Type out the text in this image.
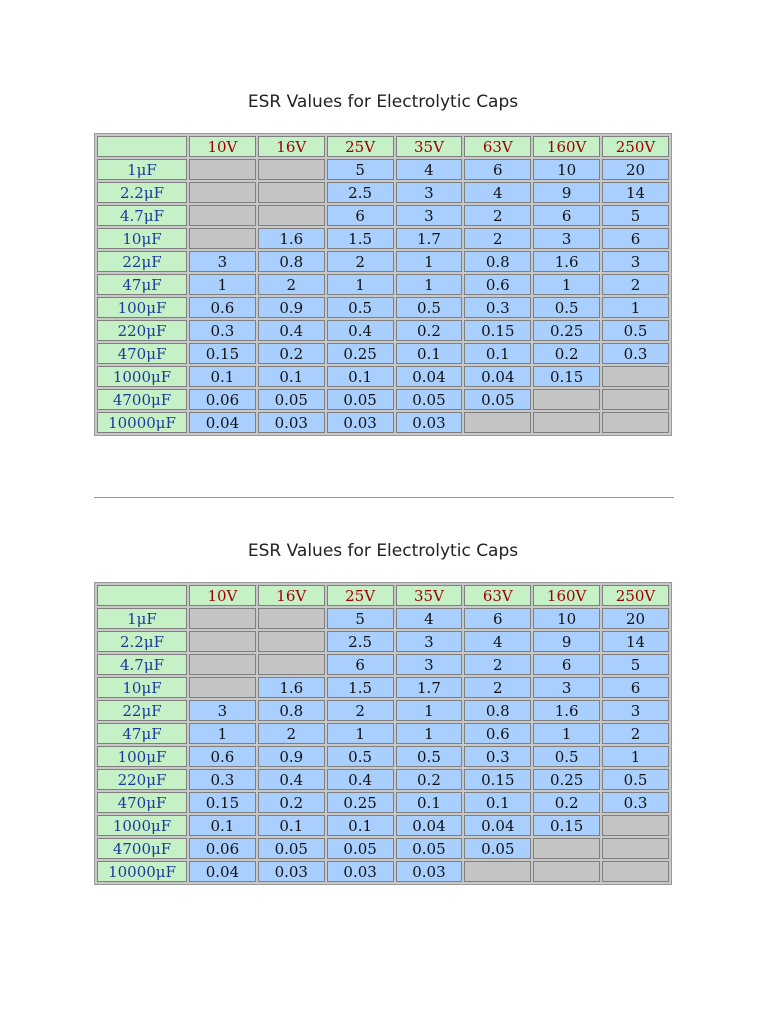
ESR Values for Electrolytic Caps
	10V	16V	25V	35V	63V	160V	250V
1μF			5	4	6	10	20
2.2μF			2.5	3	4	9	14
4.7μF			6	3	2	6	5
10μF		1.6	1.5	1.7	2	3	6
22μF	3	0.8	2	1	0.8	1.6	3
47μF	1	2	1	1	0.6	1	2
100μF	0.6	0.9	0.5	0.5	0.3	0.5	1
220μF	0.3	0.4	0.4	0.2	0.15	0.25	0.5
470μF	0.15	0.2	0.25	0.1	0.1	0.2	0.3
1000μF	0.1	0.1	0.1	0.04	0.04	0.15	
4700μF	0.06	0.05	0.05	0.05	0.05		
10000μF	0.04	0.03	0.03	0.03			
ESR Values for Electrolytic Caps
	10V	16V	25V	35V	63V	160V	250V
1μF			5	4	6	10	20
2.2μF			2.5	3	4	9	14
4.7μF			6	3	2	6	5
10μF		1.6	1.5	1.7	2	3	6
22μF	3	0.8	2	1	0.8	1.6	3
47μF	1	2	1	1	0.6	1	2
100μF	0.6	0.9	0.5	0.5	0.3	0.5	1
220μF	0.3	0.4	0.4	0.2	0.15	0.25	0.5
470μF	0.15	0.2	0.25	0.1	0.1	0.2	0.3
1000μF	0.1	0.1	0.1	0.04	0.04	0.15	
4700μF	0.06	0.05	0.05	0.05	0.05		
10000μF	0.04	0.03	0.03	0.03			
